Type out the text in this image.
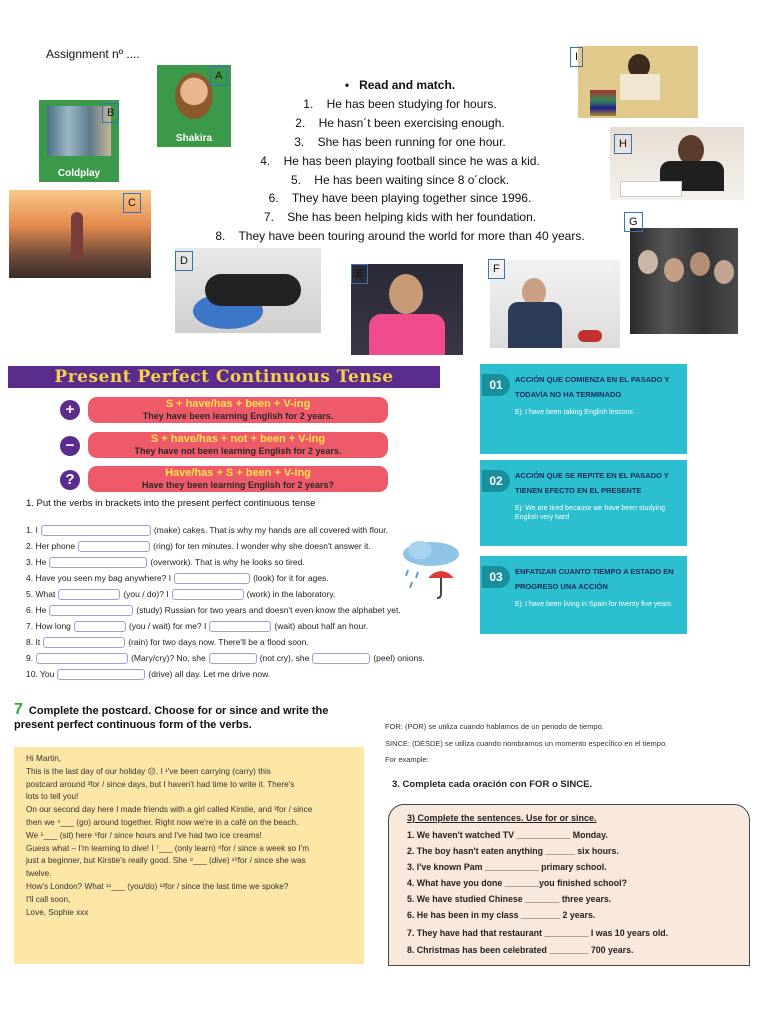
Assignment nº ....
Shakira
A
Coldplay
B
C
D
E	♡
F
G
H
I
•   Read and match.
1.    He has been studying for hours.
2.    He hasn´t been exercising enough.
3.    She has been running for one hour.
4.    He has been playing football since he was a kid.
5.    He has been waiting since 8 o´clock.
6.    They have been playing together since 1996.
7.    She has been helping kids with her foundation.
8.    They have been touring around the world for more than 40 years.
Present Perfect Continuous Tense
+	S + have/has + been + V-ing
They have been learning English for 2 years.
−	S + have/has + not + been + V-ing
They have not been learning English for 2 years.
?	Have/has + S + been + V-ing
Have they been learning English for 2 years?
01	ACCIÓN QUE COMIENZA EN EL PASADO Y TODAVÍA NO HA TERMINADO
Ej: I have been taking English lessons
02	ACCIÓN QUE SE REPITE EN EL PASADO Y TIENEN EFECTO EN EL PRESENTE
Ej: We are tired because we have been studying English very hard
03	ENFATIZAR CUANTO TIEMPO A ESTADO EN PROGRESO UNA ACCIÓN
Ej: I have been living in Spain for twenty five years
1. Put the verbs in brackets into the present perfect continuous tense
1. I	(make) cakes. That is why my hands are all covered with flour.
2. Her phone	(ring) for ten minutes. I wonder why she doesn't answer it.
3. He	(overwork). That is why he looks so tired.
4. Have you seen my bag anywhere? I	(look) for it for ages.
5. What	(you / do)? I	(work) in the laboratory.
6. He	(study) Russian for two years and doesn't even know the alphabet yet.
7. How long	(you / wait) for me? I	(wait) about half an hour.
8. It	(rain) for two days now. There'll be a flood soon.
9.	(Mary/cry)? No, she	(not cry), she	(peel) onions.
10. You	(drive) all day. Let me drive now.
7 Complete the postcard. Choose for or since and write the present perfect continuous form of the verbs.
Hi Martin,
This is the last day of our holiday ☹. I ¹'ve been carrying (carry) this
postcard around ²for / since days, but I haven't had time to write it. There's
lots to tell you!
On our second day here I made friends with a girl called Kirstie, and ³for / since
then we ⁴___ (go) around together. Right now we're in a café on the beach.
We ⁵___ (sit) here ⁶for / since hours and I've had two ice creams!
Guess what – I'm learning to dive! I ⁷___ (only learn) ⁸for / since a week so I'm
just a beginner, but Kirstie's really good. She ⁹___ (dive) ¹⁰for / since she was
twelve.
How's London? What ¹¹___ (you/do) ¹²for / since the last time we spoke?
I'll call soon,
Love, Sophie xxx
FOR: (POR) se utiliza cuando hablamos de un periodo de tiempo.
SINCE: (DESDE) se utiliza cuando nombramos un momento específico en el tiempo.
For example:
3. Completa cada oración con FOR o SINCE.
3) Complete the sentences. Use for or since.
1. We haven't watched TV ___________ Monday.
2. The boy hasn't eaten anything ______ six hours.
3. I've known Pam ___________ primary school.
4. What have you done _______you finished school?
5. We have studied Chinese _______ three years.
6. He has been in my class ________ 2 years.
7. They have had that restaurant _________ I was 10 years old.
8. Christmas has been celebrated ________ 700 years.
